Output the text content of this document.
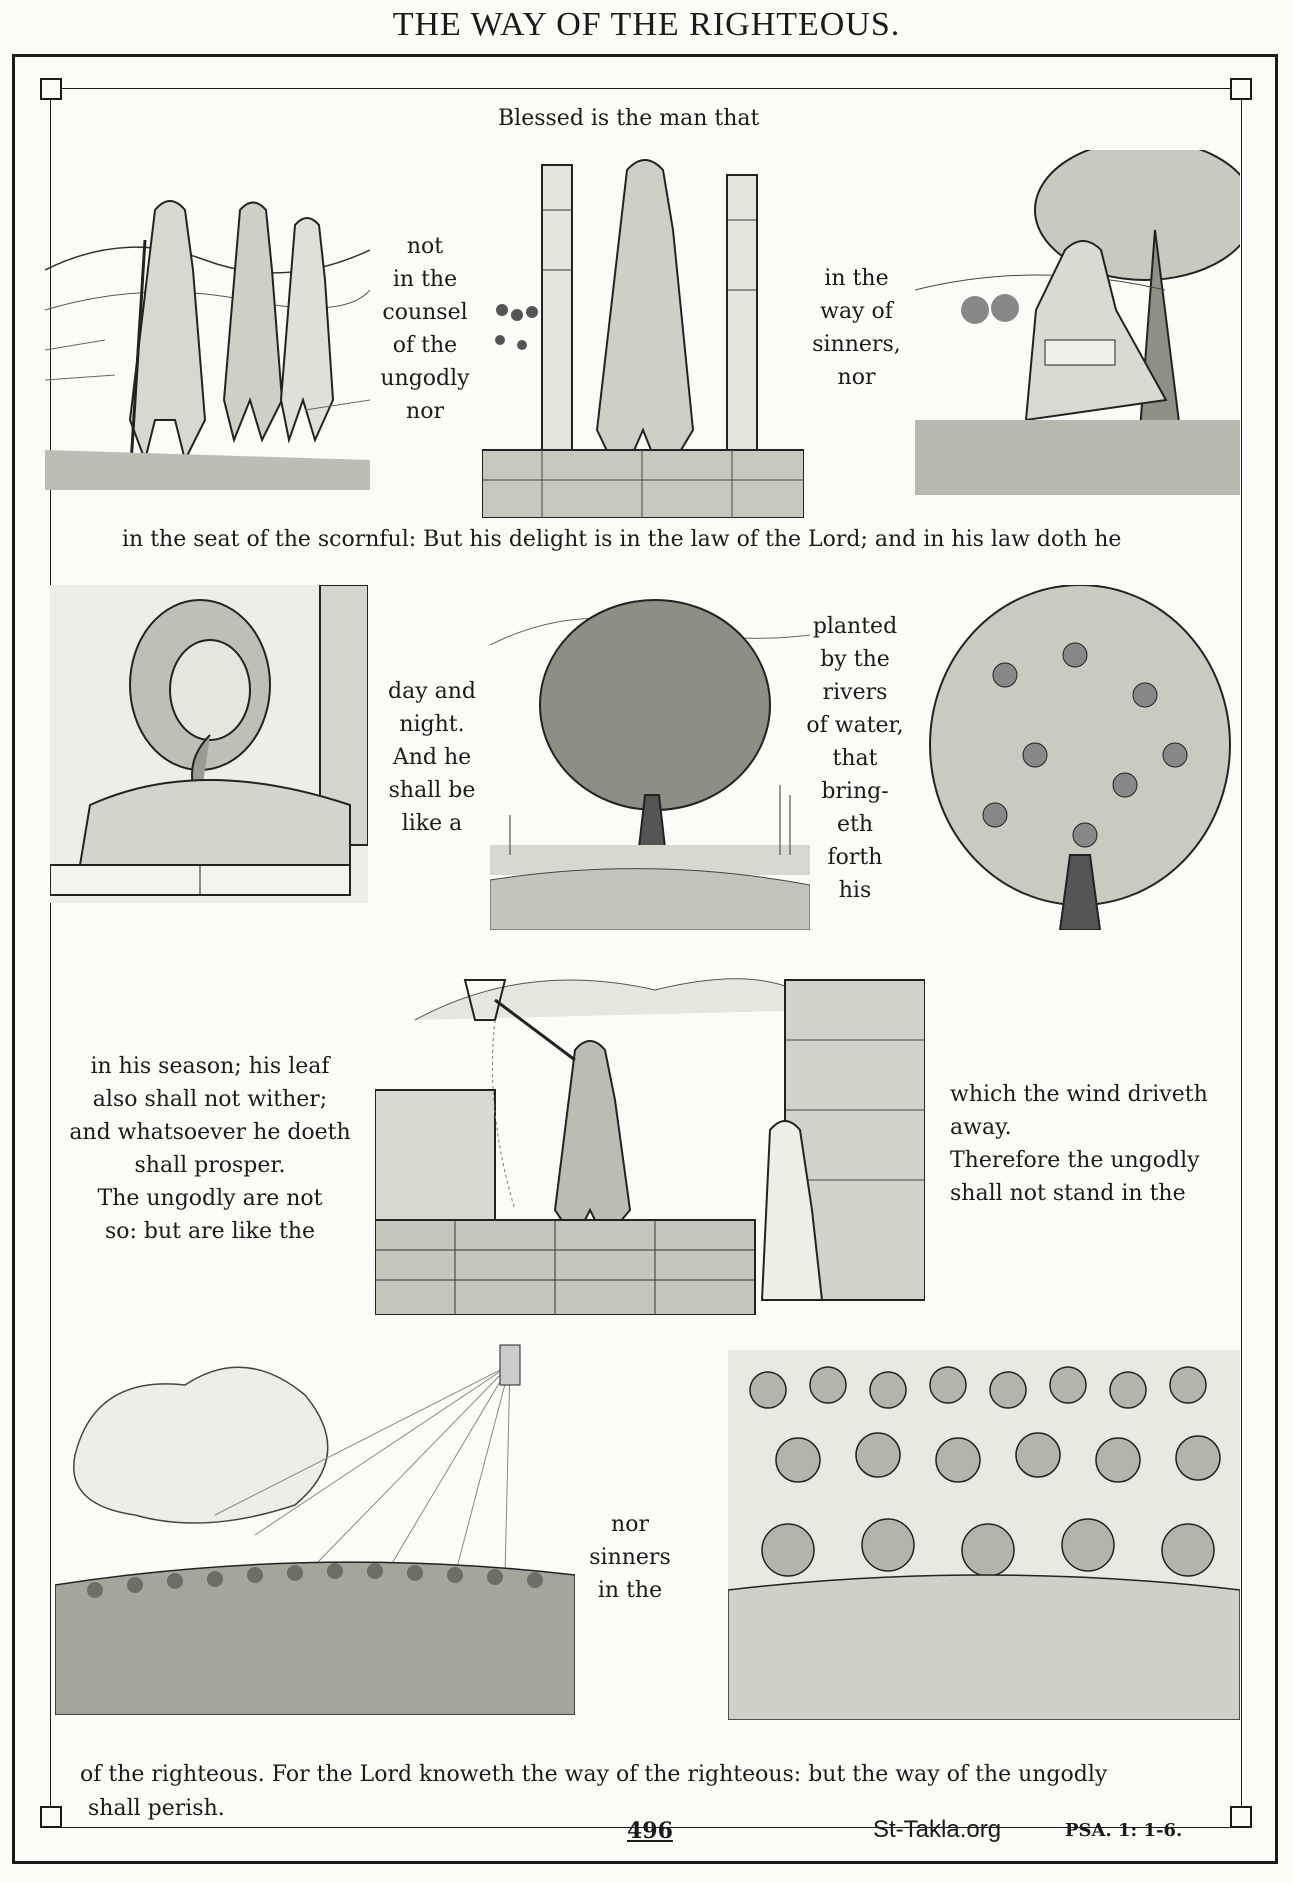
THE WAY OF THE RIGHTEOUS.

Blessed is the man that

not
in the
counsel
of the
ungodly
nor

in the
way of
sinners,
nor

in the seat of the scornful: But his delight is in the law of the Lord; and in his law doth he

day and
night.
And he
shall be
like a

planted
by the
rivers
of water,
that
bring-
eth
forth
his

in his season; his leaf
also shall not wither;
and whatsoever he doeth
shall prosper.
The ungodly are not
so: but are like the

which the wind driveth
away.
Therefore the ungodly
shall not stand in the

nor
sinners
in the

of the righteous. For the Lord knoweth the way of the righteous: but the way of the ungodly

shall perish.

496	St-Takla.org	PSA. 1: 1-6.
